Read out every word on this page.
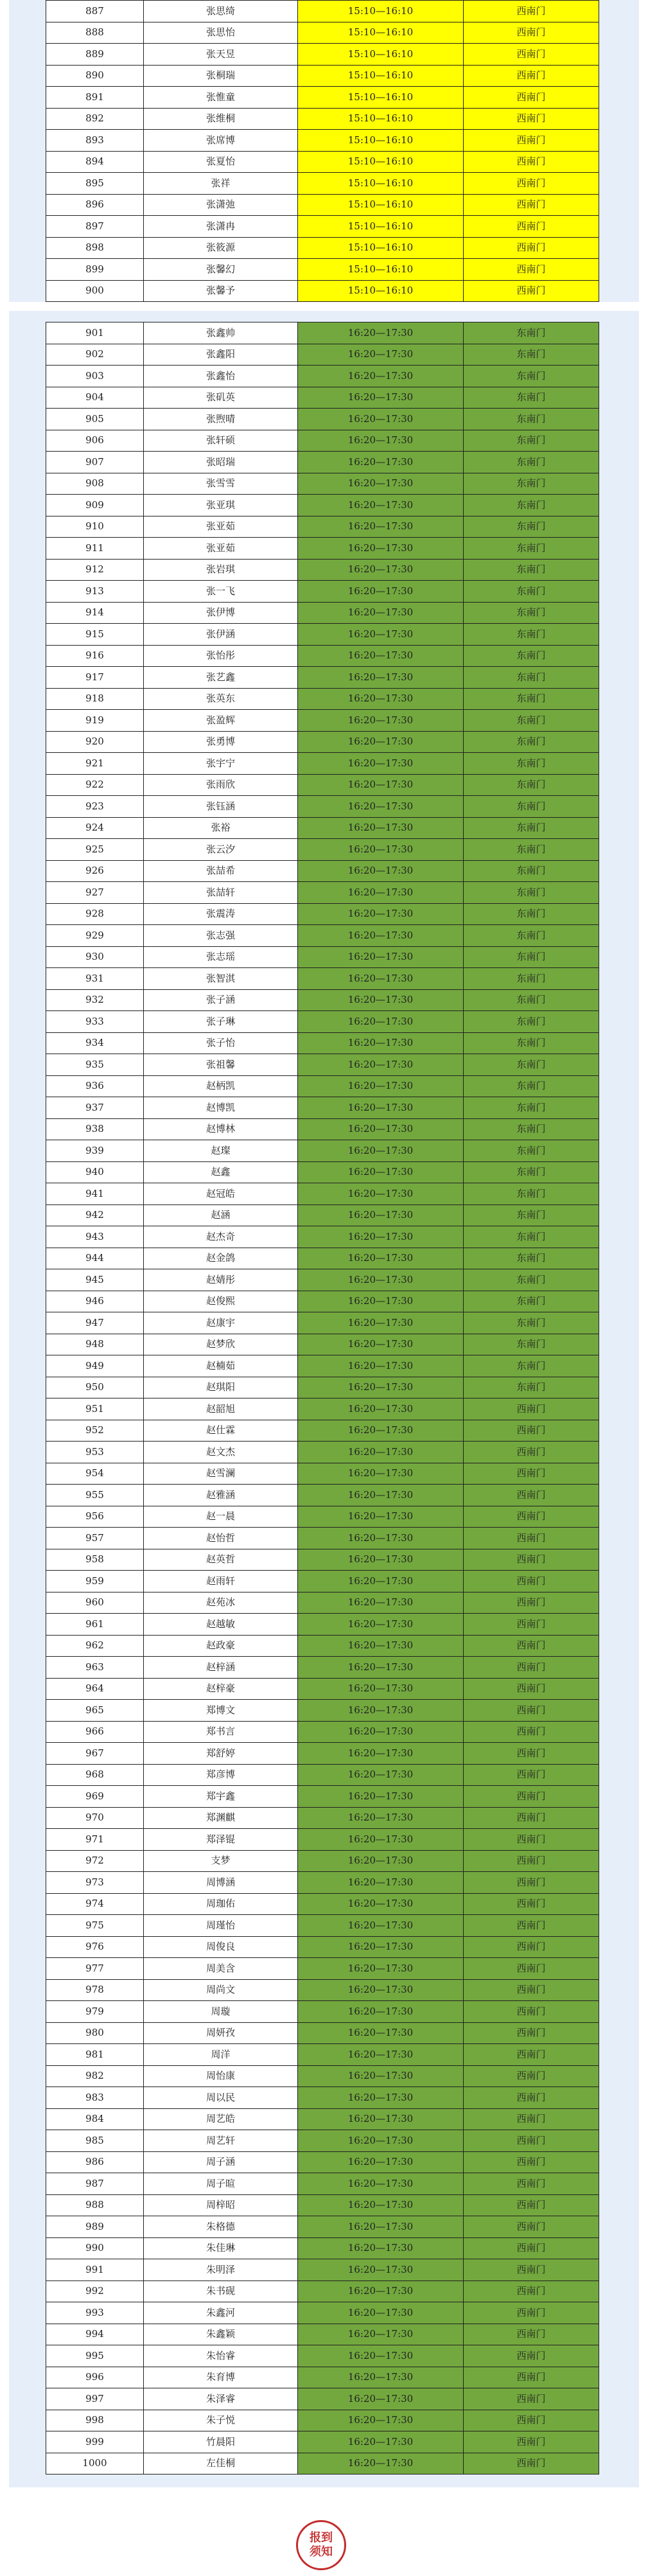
887	张思绮	15:10—16:10	西南门
888	张思怡	15:10—16:10	西南门
889	张天昱	15:10—16:10	西南门
890	张桐瑞	15:10—16:10	西南门
891	张惟童	15:10—16:10	西南门
892	张维桐	15:10—16:10	西南门
893	张席博	15:10—16:10	西南门
894	张夏怡	15:10—16:10	西南门
895	张祥	15:10—16:10	西南门
896	张潇弛	15:10—16:10	西南门
897	张潇冉	15:10—16:10	西南门
898	张筱源	15:10—16:10	西南门
899	张馨幻	15:10—16:10	西南门
900	张馨予	15:10—16:10	西南门
901	张鑫帅	16:20—17:30	东南门
902	张鑫阳	16:20—17:30	东南门
903	张鑫怡	16:20—17:30	东南门
904	张矶英	16:20—17:30	东南门
905	张煦晴	16:20—17:30	东南门
906	张轩硕	16:20—17:30	东南门
907	张昭瑞	16:20—17:30	东南门
908	张雪雪	16:20—17:30	东南门
909	张亚琪	16:20—17:30	东南门
910	张亚茹	16:20—17:30	东南门
911	张亚茹	16:20—17:30	东南门
912	张岩琪	16:20—17:30	东南门
913	张一飞	16:20—17:30	东南门
914	张伊博	16:20—17:30	东南门
915	张伊涵	16:20—17:30	东南门
916	张怡彤	16:20—17:30	东南门
917	张艺鑫	16:20—17:30	东南门
918	张英东	16:20—17:30	东南门
919	张盈辉	16:20—17:30	东南门
920	张勇博	16:20—17:30	东南门
921	张宇宁	16:20—17:30	东南门
922	张雨欣	16:20—17:30	东南门
923	张钰涵	16:20—17:30	东南门
924	张裕	16:20—17:30	东南门
925	张云汐	16:20—17:30	东南门
926	张喆希	16:20—17:30	东南门
927	张喆轩	16:20—17:30	东南门
928	张震涛	16:20—17:30	东南门
929	张志强	16:20—17:30	东南门
930	张志瑶	16:20—17:30	东南门
931	张智淇	16:20—17:30	东南门
932	张子涵	16:20—17:30	东南门
933	张子琳	16:20—17:30	东南门
934	张子怡	16:20—17:30	东南门
935	张祖馨	16:20—17:30	东南门
936	赵柄凯	16:20—17:30	东南门
937	赵博凯	16:20—17:30	东南门
938	赵博林	16:20—17:30	东南门
939	赵璨	16:20—17:30	东南门
940	赵鑫	16:20—17:30	东南门
941	赵冠皓	16:20—17:30	东南门
942	赵涵	16:20—17:30	东南门
943	赵杰奇	16:20—17:30	东南门
944	赵金鸽	16:20—17:30	东南门
945	赵婧彤	16:20—17:30	东南门
946	赵俊熙	16:20—17:30	东南门
947	赵康宇	16:20—17:30	东南门
948	赵梦欣	16:20—17:30	东南门
949	赵楠茹	16:20—17:30	东南门
950	赵琪阳	16:20—17:30	东南门
951	赵韶旭	16:20—17:30	西南门
952	赵仕霖	16:20—17:30	西南门
953	赵文杰	16:20—17:30	西南门
954	赵雪澜	16:20—17:30	西南门
955	赵雅涵	16:20—17:30	西南门
956	赵一晨	16:20—17:30	西南门
957	赵怡哲	16:20—17:30	西南门
958	赵英哲	16:20—17:30	西南门
959	赵雨轩	16:20—17:30	西南门
960	赵苑冰	16:20—17:30	西南门
961	赵越敏	16:20—17:30	西南门
962	赵政豪	16:20—17:30	西南门
963	赵梓涵	16:20—17:30	西南门
964	赵梓豪	16:20—17:30	西南门
965	郑博文	16:20—17:30	西南门
966	郑书言	16:20—17:30	西南门
967	郑舒婷	16:20—17:30	西南门
968	郑彦博	16:20—17:30	西南门
969	郑宇鑫	16:20—17:30	西南门
970	郑渊麒	16:20—17:30	西南门
971	郑泽锟	16:20—17:30	西南门
972	支梦	16:20—17:30	西南门
973	周博涵	16:20—17:30	西南门
974	周珈佑	16:20—17:30	西南门
975	周瑾怡	16:20—17:30	西南门
976	周俊良	16:20—17:30	西南门
977	周美含	16:20—17:30	西南门
978	周尚文	16:20—17:30	西南门
979	周璇	16:20—17:30	西南门
980	周妍孜	16:20—17:30	西南门
981	周洋	16:20—17:30	西南门
982	周怡康	16:20—17:30	西南门
983	周以民	16:20—17:30	西南门
984	周艺皓	16:20—17:30	西南门
985	周艺轩	16:20—17:30	西南门
986	周子涵	16:20—17:30	西南门
987	周子暄	16:20—17:30	西南门
988	周梓昭	16:20—17:30	西南门
989	朱格德	16:20—17:30	西南门
990	朱佳琳	16:20—17:30	西南门
991	朱明泽	16:20—17:30	西南门
992	朱书砚	16:20—17:30	西南门
993	朱鑫河	16:20—17:30	西南门
994	朱鑫颖	16:20—17:30	西南门
995	朱怡睿	16:20—17:30	西南门
996	朱育博	16:20—17:30	西南门
997	朱泽睿	16:20—17:30	西南门
998	朱子悦	16:20—17:30	西南门
999	竹晨阳	16:20—17:30	西南门
1000	左佳桐	16:20—17:30	西南门
报到
须知
